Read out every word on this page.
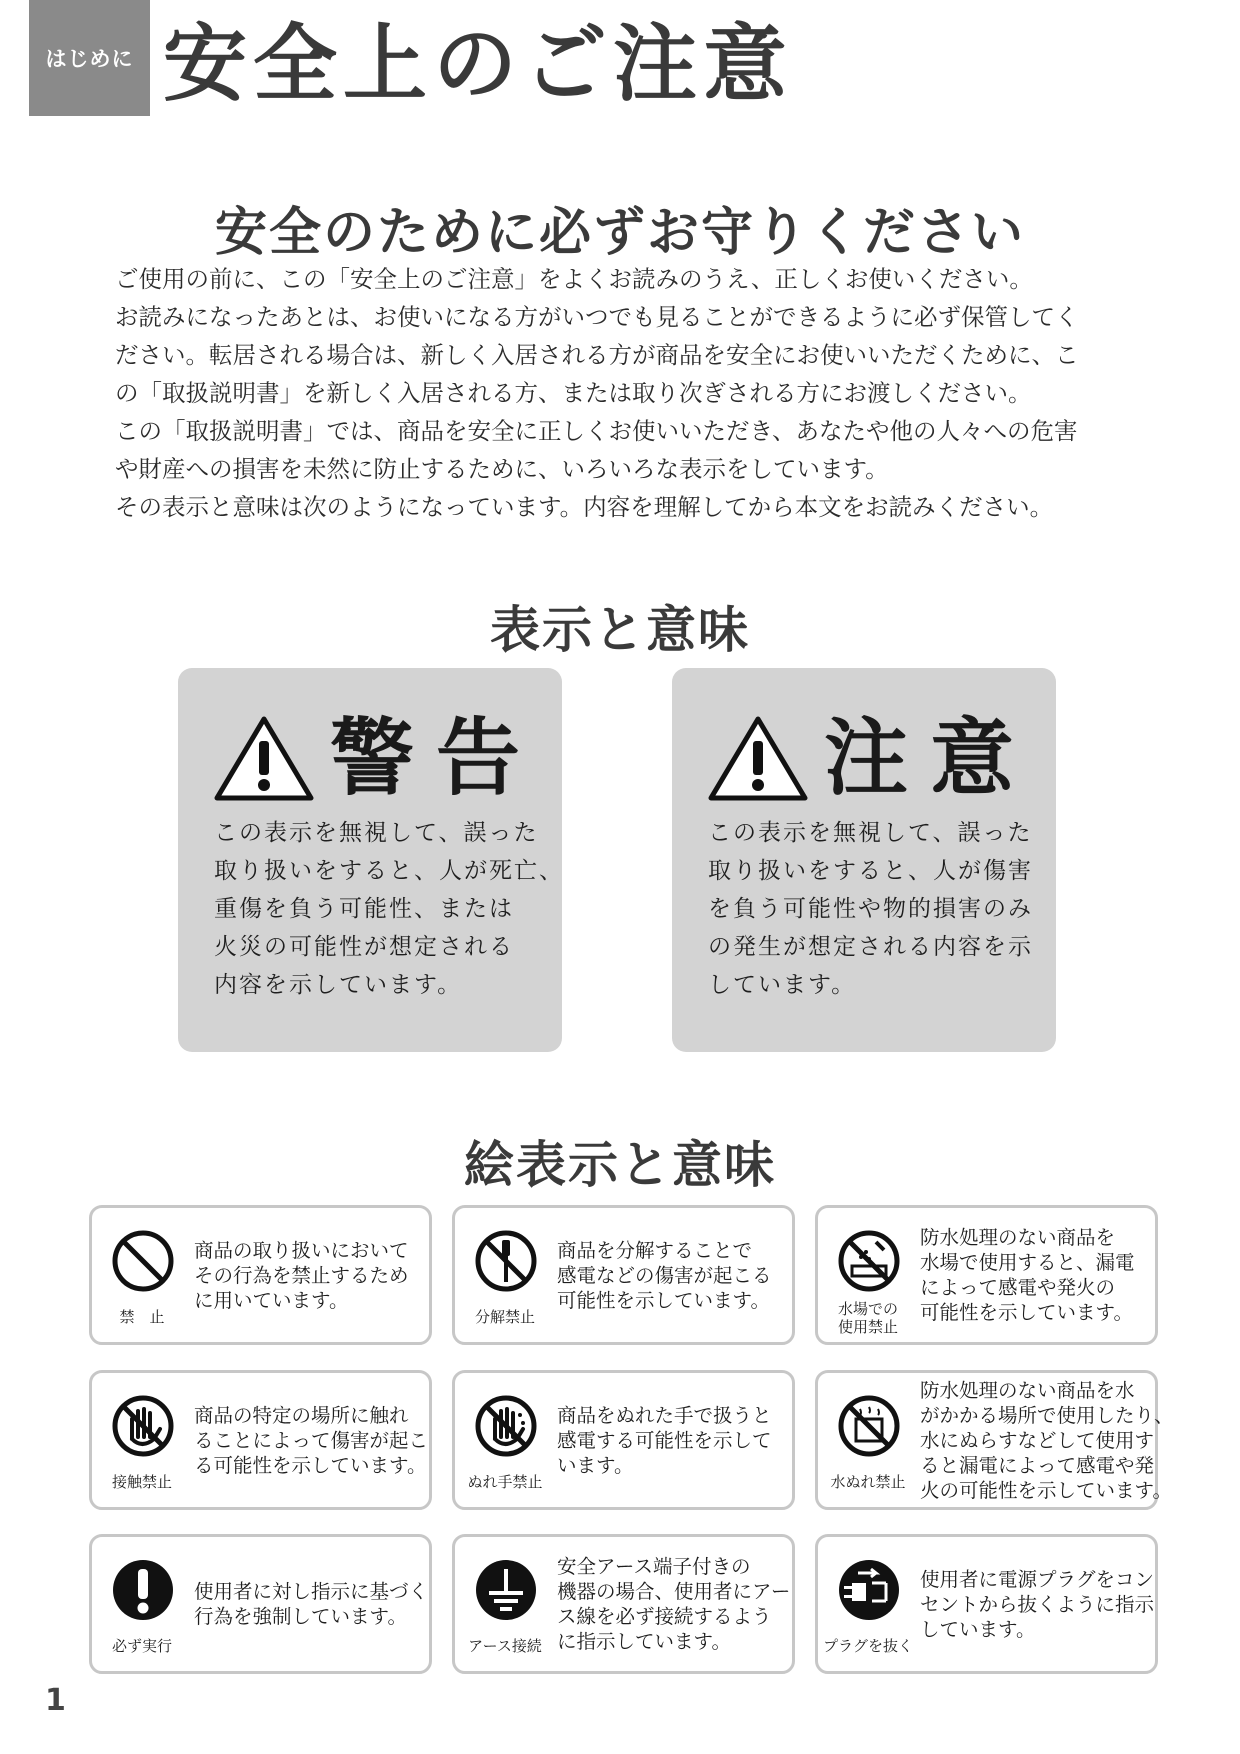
はじめに 安全上のご注意
安全のために必ずお守りください

ご使用の前に、この「安全上のご注意」をよくお読みのうえ、正しくお使いください。

お読みになったあとは、お使いになる方がいつでも見ることができるように必ず保管してく

ださい。転居される場合は、新しく入居される方が商品を安全にお使いいただくために、こ

の「取扱説明書」を新しく入居される方、または取り次ぎされる方にお渡しください。

この「取扱説明書」では、商品を安全に正しくお使いいただき、あなたや他の人々への危害

や財産への損害を未然に防止するために、いろいろな表示をしています。

その表示と意味は次のようになっています。内容を理解してから本文をお読みください。

表示と意味
警告
この表示を無視して、誤った
取り扱いをすると、人が死亡、
重傷を負う可能性、または
火災の可能性が想定される
内容を示しています。
注意
この表示を無視して、誤った
取り扱いをすると、人が傷害
を負う可能性や物的損害のみ
の発生が想定される内容を示
しています。
絵表示と意味
禁　止
商品の取り扱いにおいて
その行為を禁止するため
に用いています。
分解禁止
商品を分解することで
感電などの傷害が起こる
可能性を示しています。	水場での
使用禁止
防水処理のない商品を
水場で使用すると、漏電
によって感電や発火の
可能性を示しています。
接触禁止
商品の特定の場所に触れ
ることによって傷害が起こ
る可能性を示しています。
ぬれ手禁止
商品をぬれた手で扱うと
感電する可能性を示して
います。
水ぬれ禁止
防水処理のない商品を水
がかかる場所で使用したり、
水にぬらすなどして使用す
ると漏電によって感電や発
火の可能性を示しています。
必ず実行
使用者に対し指示に基づく
行為を強制しています。
アース接続
安全アース端子付きの
機器の場合、使用者にアー
ス線を必ず接続するよう
に指示しています。	プラグを抜く
使用者に電源プラグをコン
セントから抜くように指示
しています。
1
